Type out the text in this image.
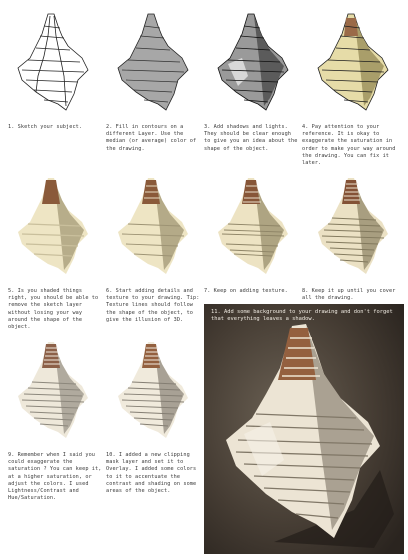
1. Sketch your subject.	2. Fill in contours on a different Layer. Use the median (or average) color of the drawing.
3. Add shadows and lights. They should be clear enough to give you an idea about the shape of the object.
4. Pay attention to your reference. It is okay to exaggerate the saturation in order to make your way around the drawing. You can fix it later.
5. Is you shaded things right, you should be able to remove the sketch layer without losing your way around the shape of the object.
6. Start adding details and texture to your drawing. Tip: Texture lines should follow the shape of the object, to give the illusion of 3D.
7. Keep on adding texture.	8. Keep it up until you cover all the drawing.
9. Remember when I said you could exaggerate the saturation ? You can keep it, at a higher saturation, or adjust the colors. I used Lightness/Contrast and Hue/Saturation.
10. I added a new clipping mask layer and set it to Overlay. I added some colors to it to accentuate the contrast and shading on some areas of the object.
11. Add some background to your drawing and don't forget that everything leaves a shadow.
